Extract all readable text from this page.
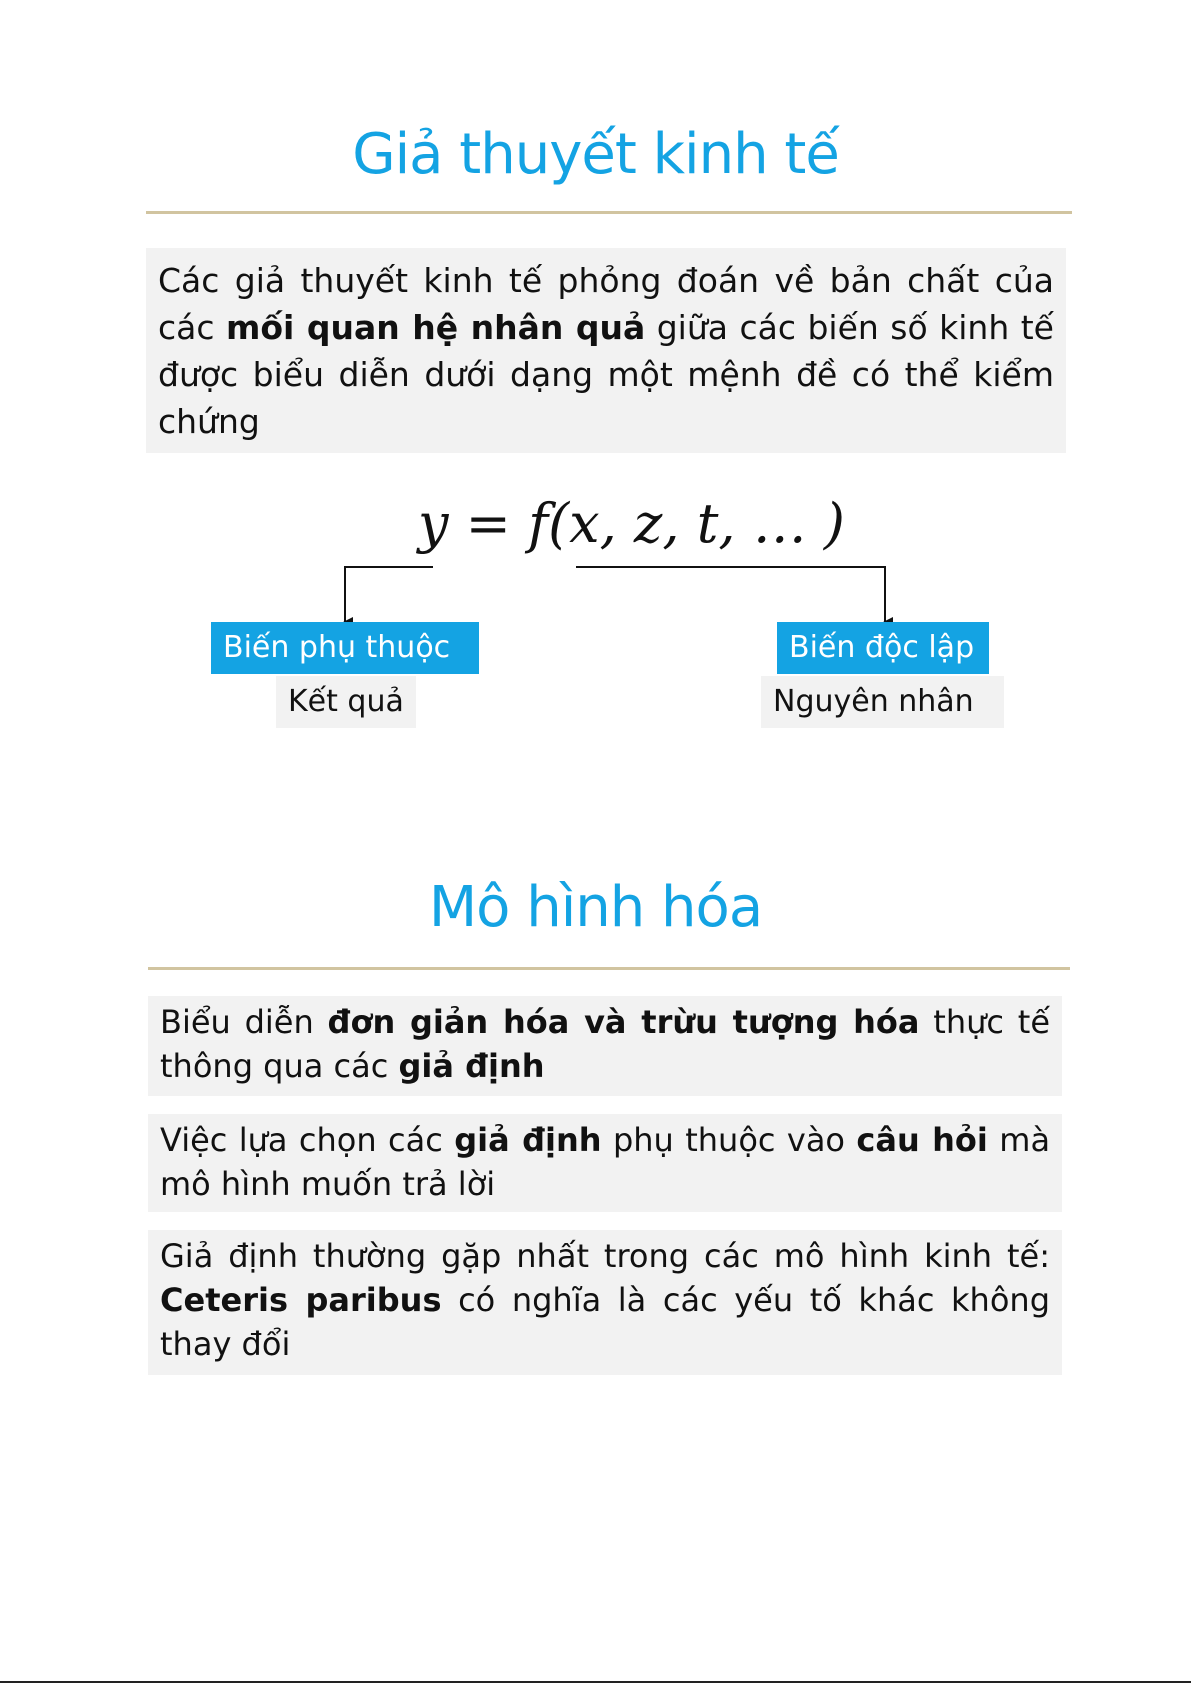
Giả thuyết kinh tế
Các giả thuyết kinh tế phỏng đoán về bản chất của các mối quan hệ nhân quả giữa các biến số kinh tế được biểu diễn dưới dạng một mệnh đề có thể kiểm chứng
y = f(x, z, t, … )
Biến phụ thuộc
Kết quả
Biến độc lập
Nguyên nhân
Mô hình hóa
Biểu diễn đơn giản hóa và trừu tượng hóa thực tế thông qua các giả định
Việc lựa chọn các giả định phụ thuộc vào câu hỏi mà mô hình muốn trả lời
Giả định thường gặp nhất trong các mô hình kinh tế: Ceteris paribus có nghĩa là các yếu tố khác không thay đổi
